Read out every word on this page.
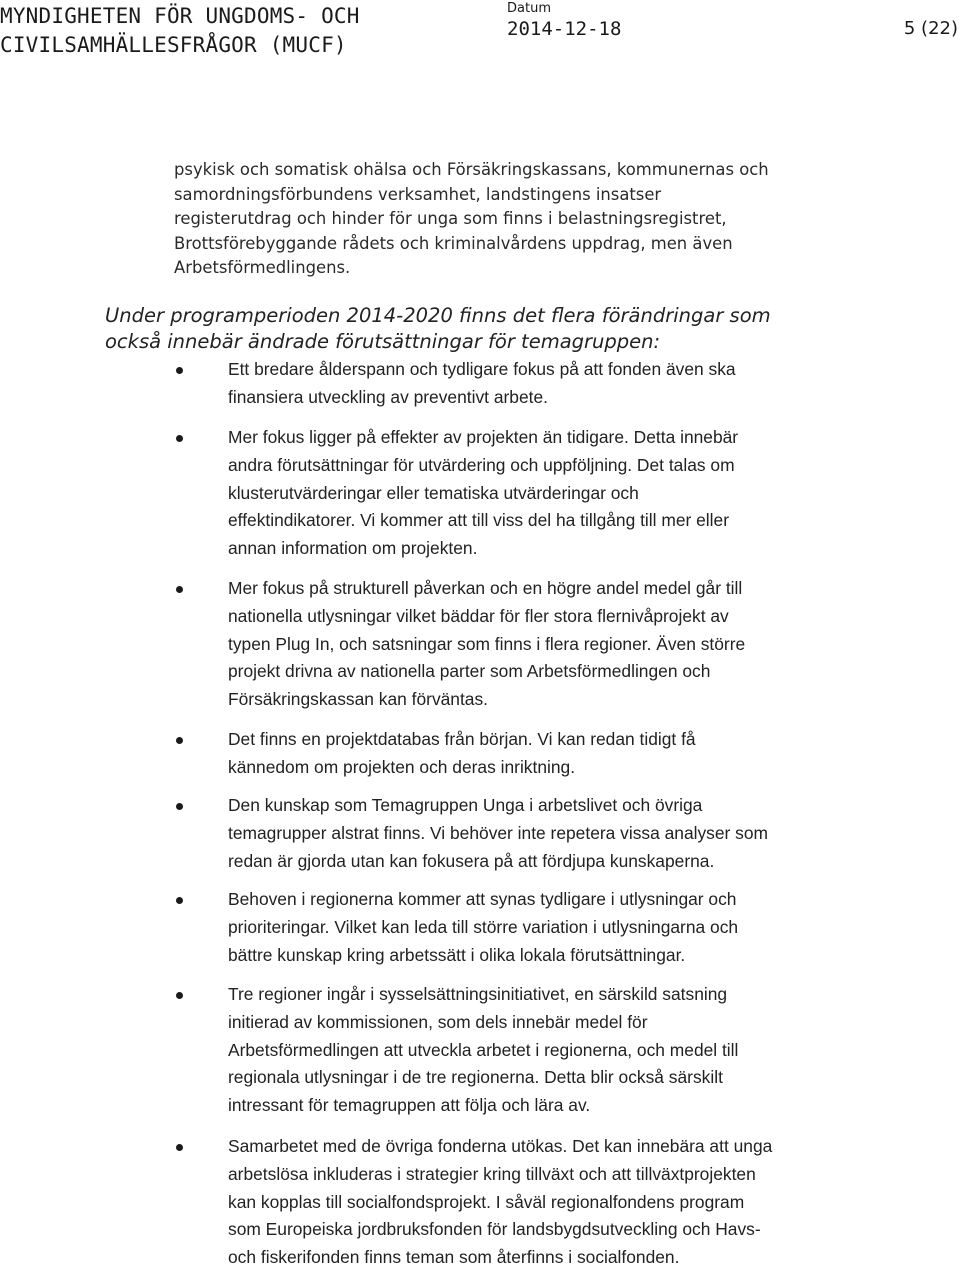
MYNDIGHETEN FÖR UNGDOMS- OCH
CIVILSAMHÄLLESFRÅGOR (MUCF)
Datum
2014-12-18	5 (22)
psykisk och somatisk ohälsa och Försäkringskassans, kommunernas och
samordningsförbundens verksamhet, landstingens insatser
registerutdrag och hinder för unga som finns i belastningsregistret,
Brottsförebyggande rådets och kriminalvårdens uppdrag, men även
Arbetsförmedlingens.
Under programperioden 2014-2020 finns det flera förändringar som
också innebär ändrade förutsättningar för temagruppen:
Ett bredare ålderspann och tydligare fokus på att fonden även ska
finansiera utveckling av preventivt arbete.
Mer fokus ligger på effekter av projekten än tidigare. Detta innebär
andra förutsättningar för utvärdering och uppföljning. Det talas om
klusterutvärderingar eller tematiska utvärderingar och
effektindikatorer. Vi kommer att till viss del ha tillgång till mer eller
annan information om projekten.
Mer fokus på strukturell påverkan och en högre andel medel går till
nationella utlysningar vilket bäddar för fler stora flernivåprojekt av
typen Plug In, och satsningar som finns i flera regioner. Även större
projekt drivna av nationella parter som Arbetsförmedlingen och
Försäkringskassan kan förväntas.
Det finns en projektdatabas från början. Vi kan redan tidigt få
kännedom om projekten och deras inriktning.
Den kunskap som Temagruppen Unga i arbetslivet och övriga
temagrupper alstrat finns. Vi behöver inte repetera vissa analyser som
redan är gjorda utan kan fokusera på att fördjupa kunskaperna.
Behoven i regionerna kommer att synas tydligare i utlysningar och
prioriteringar. Vilket kan leda till större variation i utlysningarna och
bättre kunskap kring arbetssätt i olika lokala förutsättningar.
Tre regioner ingår i sysselsättningsinitiativet, en särskild satsning
initierad av kommissionen, som dels innebär medel för
Arbetsförmedlingen att utveckla arbetet i regionerna, och medel till
regionala utlysningar i de tre regionerna. Detta blir också särskilt
intressant för temagruppen att följa och lära av.
Samarbetet med de övriga fonderna utökas. Det kan innebära att unga
arbetslösa inkluderas i strategier kring tillväxt och att tillväxtprojekten
kan kopplas till socialfondsprojekt. I såväl regionalfondens program
som Europeiska jordbruksfonden för landsbygdsutveckling och Havs-
och fiskerifonden finns teman som återfinns i socialfonden.
